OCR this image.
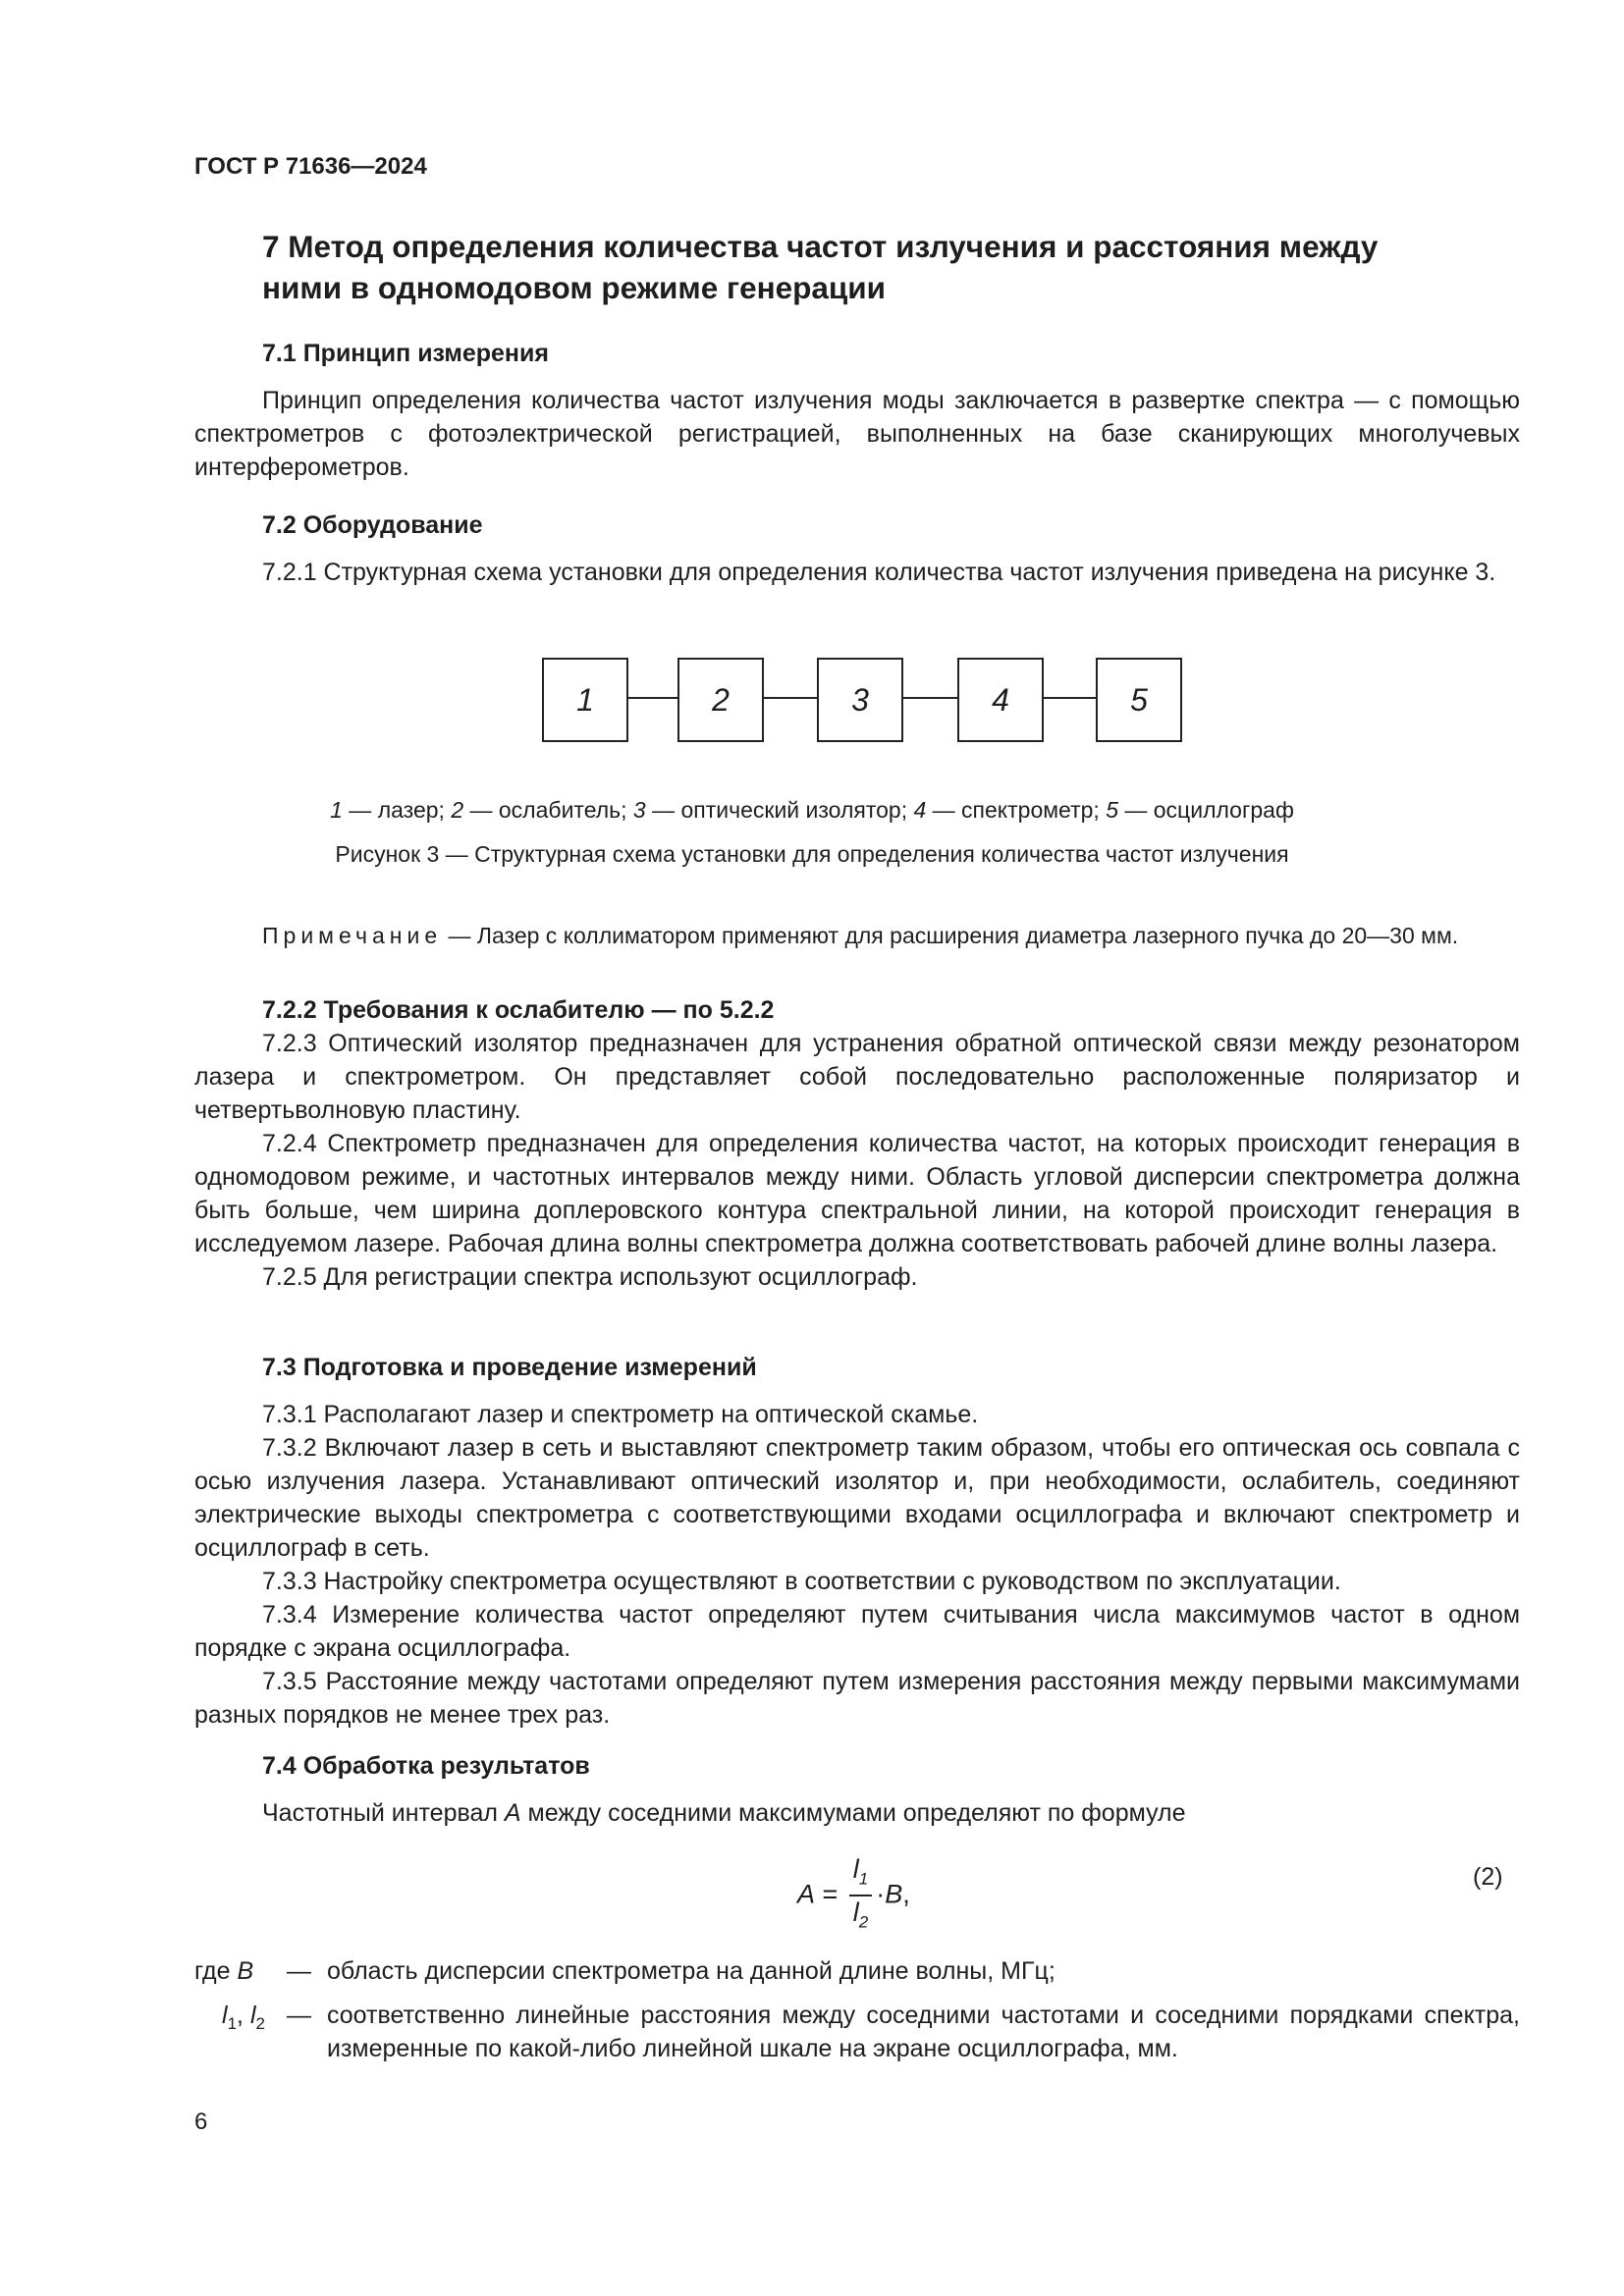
ГОСТ Р 71636—2024
7 Метод определения количества частот излучения и расстояния между
ними в одномодовом режиме генерации
7.1 Принцип измерения

Принцип определения количества частот излучения моды заключается в развертке спектра — с помощью спектрометров с фотоэлектрической регистрацией, выполненных на базе сканирующих многолучевых интерферометров.

7.2 Оборудование

7.2.1 Структурная схема установки для определения количества частот излучения приведена на рисунке 3.

1	2	3	4	5
1 — лазер; 2 — ослабитель; 3 — оптический изолятор; 4 — спектрометр; 5 — осциллограф
Рисунок 3 — Структурная схема установки для определения количества частот излучения

Примечание — Лазер с коллиматором применяют для расширения диаметра лазерного пучка до 20—30 мм.

7.2.2 Требования к ослабителю — по 5.2.2

7.2.3 Оптический изолятор предназначен для устранения обратной оптической связи между резонатором лазера и спектрометром. Он представляет собой последовательно расположенные поляризатор и четвертьволновую пластину.

7.2.4 Спектрометр предназначен для определения количества частот, на которых происходит генерация в одномодовом режиме, и частотных интервалов между ними. Область угловой дисперсии спектрометра должна быть больше, чем ширина доплеровского контура спектральной линии, на которой происходит генерация в исследуемом лазере. Рабочая длина волны спектрометра должна соответствовать рабочей длине волны лазера.

7.2.5 Для регистрации спектра используют осциллограф.

7.3 Подготовка и проведение измерений

7.3.1 Располагают лазер и спектрометр на оптической скамье.

7.3.2 Включают лазер в сеть и выставляют спектрометр таким образом, чтобы его оптическая ось совпала с осью излучения лазера. Устанавливают оптический изолятор и, при необходимости, ослабитель, соединяют электрические выходы спектрометра с соответствующими входами осциллографа и включают спектрометр и осциллограф в сеть.

7.3.3 Настройку спектрометра осуществляют в соответствии с руководством по эксплуатации.

7.3.4 Измерение количества частот определяют путем считывания числа максимумов частот в одном порядке с экрана осциллографа.

7.3.5 Расстояние между частотами определяют путем измерения расстояния между первыми максимумами разных порядков не менее трех раз.

7.4 Обработка результатов

Частотный интервал A между соседними максимумами определяют по формуле

$A = \frac{l_1}{l_2} \cdot B$,
(2)
где B — область дисперсии спектрометра на данной длине волны, МГц;
$l_1$, $l_2$ — соответственно линейные расстояния между соседними частотами и соседними порядками спектра, измеренные по какой-либо линейной шкале на экране осциллографа, мм.
6
